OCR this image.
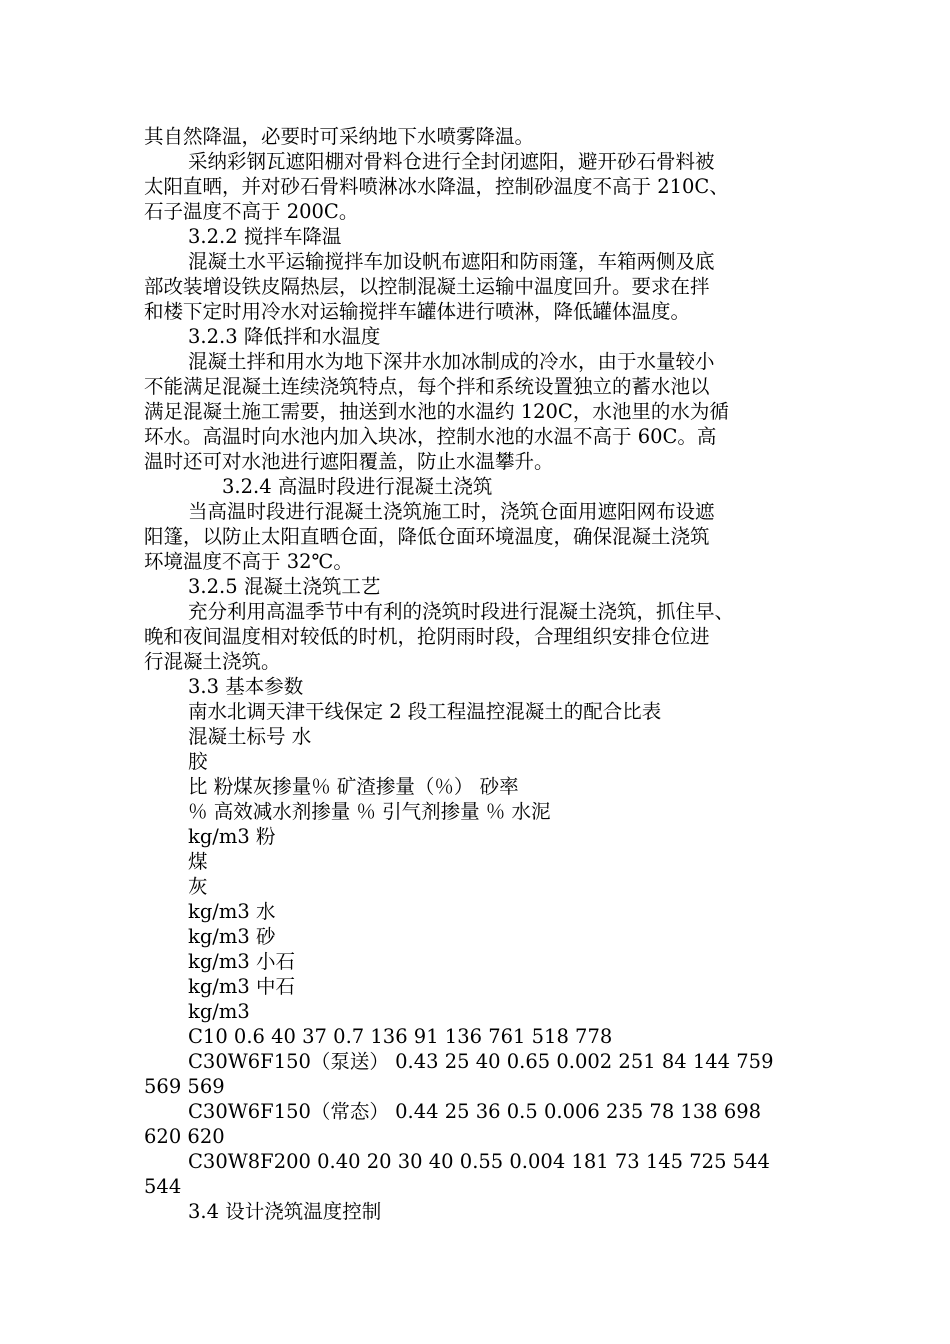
其自然降温，必要时可采纳地下水喷雾降温。
采纳彩钢瓦遮阳棚对骨料仓进行全封闭遮阳，避开砂石骨料被
太阳直晒，并对砂石骨料喷淋冰水降温，控制砂温度不高于 210C、
石子温度不高于 200C。
3.2.2 搅拌车降温
混凝土水平运输搅拌车加设帆布遮阳和防雨篷，车箱两侧及底
部改装增设铁皮隔热层，以控制混凝土运输中温度回升。要求在拌
和楼下定时用冷水对运输搅拌车罐体进行喷淋，降低罐体温度。
3.2.3 降低拌和水温度
混凝土拌和用水为地下深井水加冰制成的冷水，由于水量较小
不能满足混凝土连续浇筑特点，每个拌和系统设置独立的蓄水池以
满足混凝土施工需要，抽送到水池的水温约 120C，水池里的水为循
环水。高温时向水池内加入块冰，控制水池的水温不高于 60C。高
温时还可对水池进行遮阳覆盖，防止水温攀升。
3.2.4 高温时段进行混凝土浇筑
当高温时段进行混凝土浇筑施工时，浇筑仓面用遮阳网布设遮
阳篷，以防止太阳直晒仓面，降低仓面环境温度，确保混凝土浇筑
环境温度不高于 32℃。
3.2.5 混凝土浇筑工艺
充分利用高温季节中有利的浇筑时段进行混凝土浇筑，抓住早、
晚和夜间温度相对较低的时机，抢阴雨时段，合理组织安排仓位进
行混凝土浇筑。
3.3 基本参数
南水北调天津干线保定 2 段工程温控混凝土的配合比表
混凝土标号 水
胶
比 粉煤灰掺量％ 矿渣掺量（％） 砂率
％ 高效减水剂掺量 ％ 引气剂掺量 ％ 水泥
kg/m3 粉
煤
灰
kg/m3 水
kg/m3 砂
kg/m3 小石
kg/m3 中石
kg/m3
C10 0.6 40 37 0.7 136 91 136 761 518 778
C30W6F150（泵送） 0.43 25 40 0.65 0.002 251 84 144 759
569 569
C30W6F150（常态） 0.44 25 36 0.5 0.006 235 78 138 698
620 620
C30W8F200 0.40 20 30 40 0.55 0.004 181 73 145 725 544
544
3.4 设计浇筑温度控制
